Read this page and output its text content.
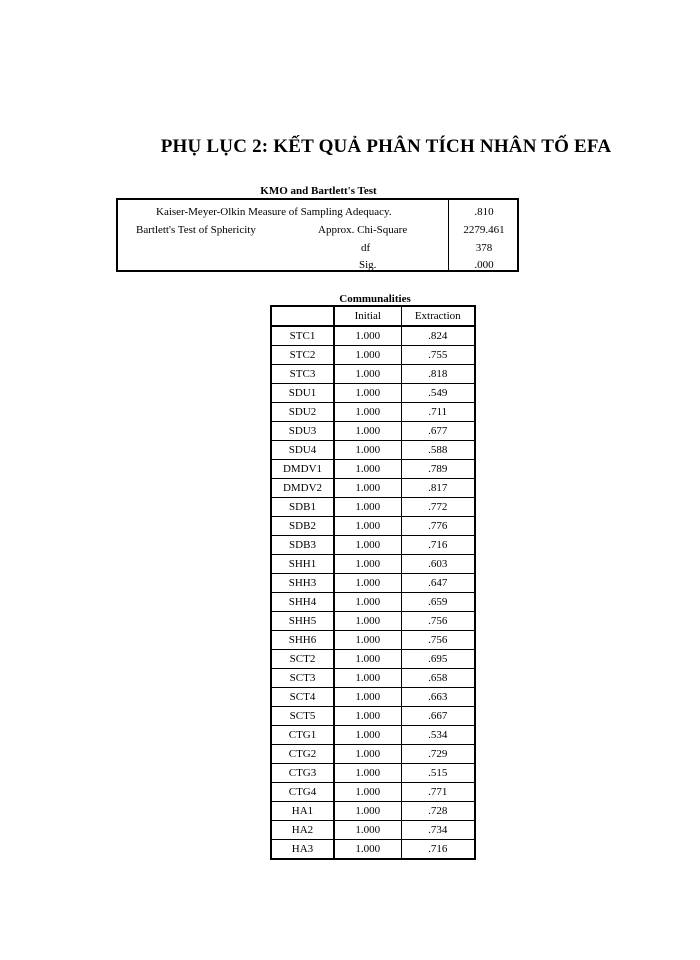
PHỤ LỤC 2: KẾT QUẢ PHÂN TÍCH NHÂN TỐ EFA
KMO and Bartlett's Test
Kaiser-Meyer-Olkin Measure of Sampling Adequacy.	.810
Bartlett's Test of Sphericity	Approx. Chi-Square	2279.461
df	378
Sig.	.000
Communalities
	Initial	Extraction
STC1	1.000	.824
STC2	1.000	.755
STC3	1.000	.818
SDU1	1.000	.549
SDU2	1.000	.711
SDU3	1.000	.677
SDU4	1.000	.588
DMDV1	1.000	.789
DMDV2	1.000	.817
SDB1	1.000	.772
SDB2	1.000	.776
SDB3	1.000	.716
SHH1	1.000	.603
SHH3	1.000	.647
SHH4	1.000	.659
SHH5	1.000	.756
SHH6	1.000	.756
SCT2	1.000	.695
SCT3	1.000	.658
SCT4	1.000	.663
SCT5	1.000	.667
CTG1	1.000	.534
CTG2	1.000	.729
CTG3	1.000	.515
CTG4	1.000	.771
HA1	1.000	.728
HA2	1.000	.734
HA3	1.000	.716
